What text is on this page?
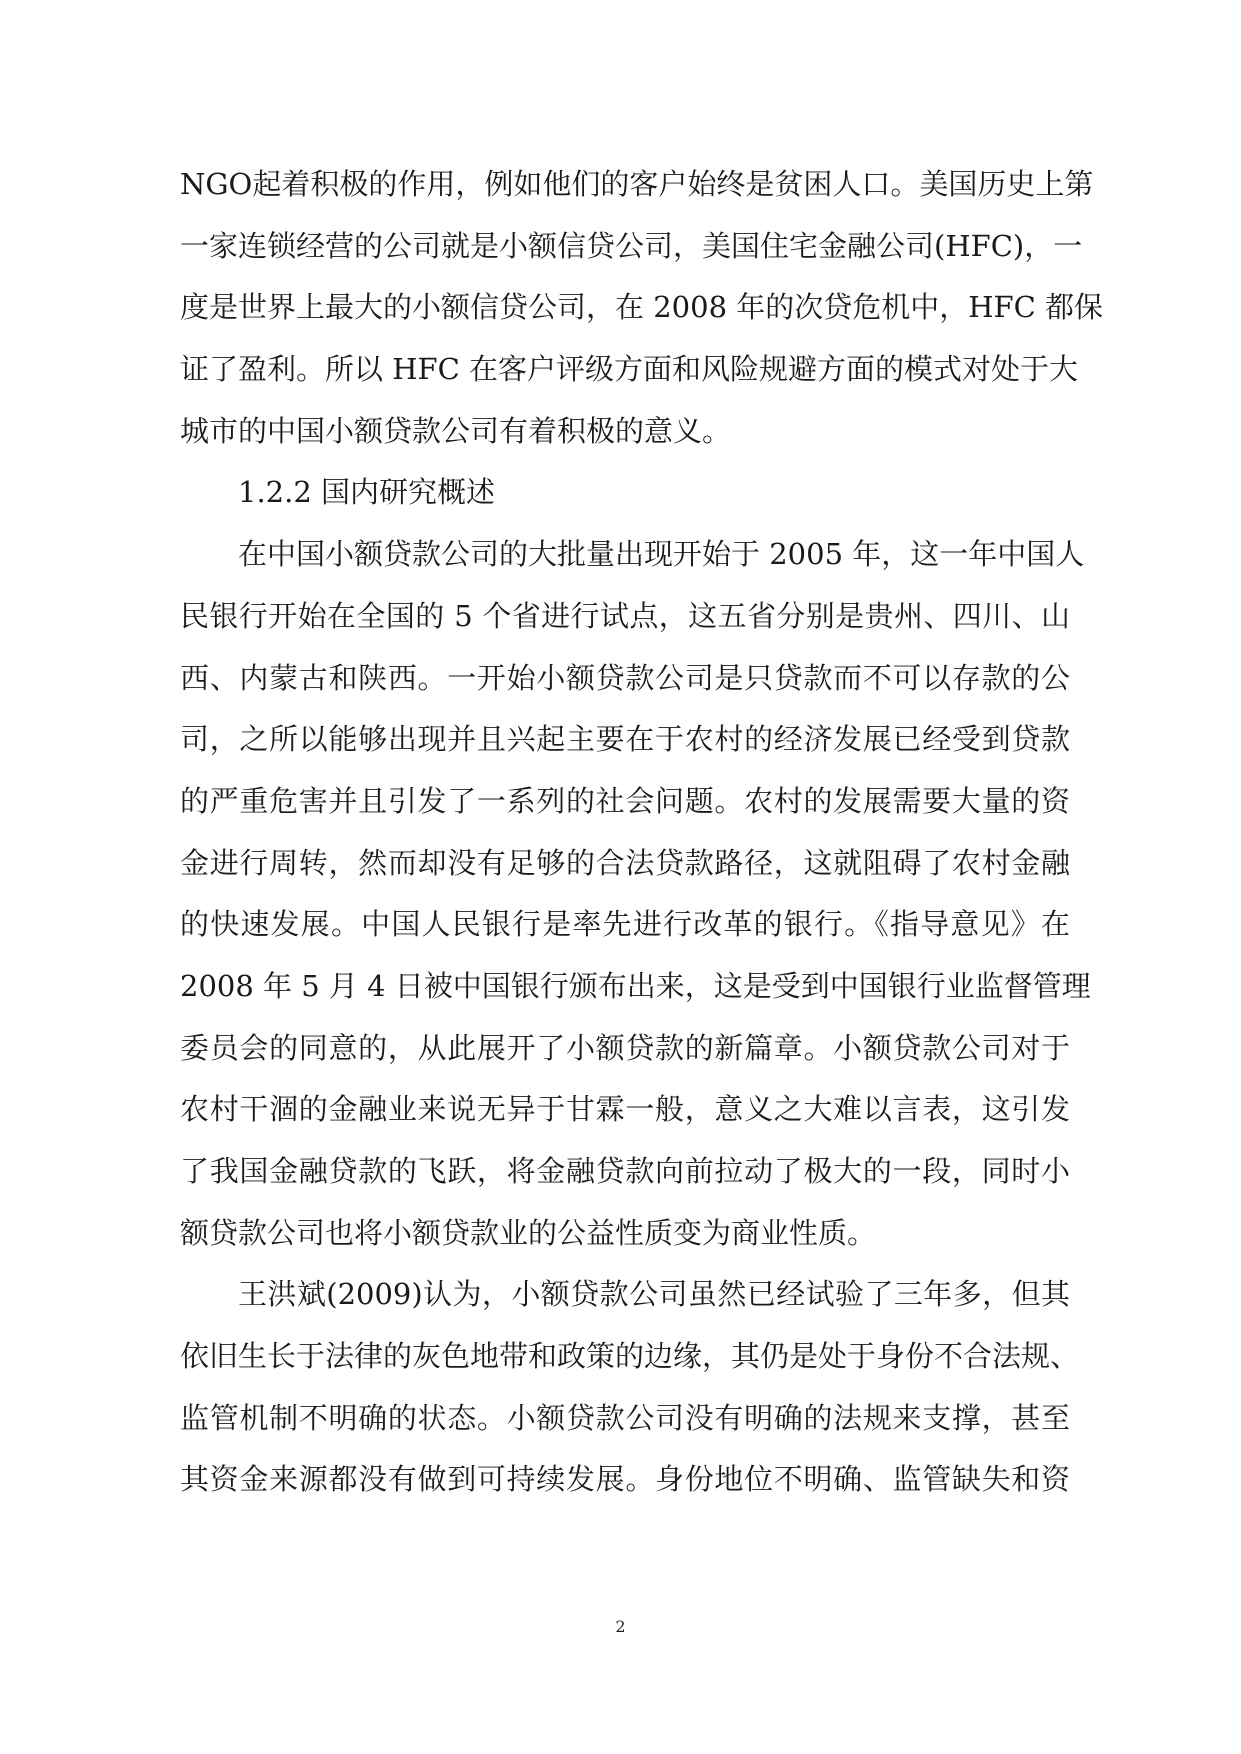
NGO起着积极的作用，例如他们的客户始终是贫困人口。美国历史上第
一家连锁经营的公司就是小额信贷公司，美国住宅金融公司(HFC)，一
度是世界上最大的小额信贷公司，在 2008 年的次贷危机中，HFC 都保
证了盈利。所以 HFC 在客户评级方面和风险规避方面的模式对处于大
城市的中国小额贷款公司有着积极的意义。
1.2.2 国内研究概述
在中国小额贷款公司的大批量出现开始于 2005 年，这一年中国人
民银行开始在全国的 5 个省进行试点，这五省分别是贵州、四川、山
西、内蒙古和陕西。一开始小额贷款公司是只贷款而不可以存款的公
司，之所以能够出现并且兴起主要在于农村的经济发展已经受到贷款
的严重危害并且引发了一系列的社会问题。农村的发展需要大量的资
金进行周转，然而却没有足够的合法贷款路径，这就阻碍了农村金融
的快速发展。中国人民银行是率先进行改革的银行。《指导意见》在
2008 年 5 月 4 日被中国银行颁布出来，这是受到中国银行业监督管理
委员会的同意的，从此展开了小额贷款的新篇章。小额贷款公司对于
农村干涸的金融业来说无异于甘霖一般，意义之大难以言表，这引发
了我国金融贷款的飞跃，将金融贷款向前拉动了极大的一段，同时小
额贷款公司也将小额贷款业的公益性质变为商业性质。
王洪斌(2009)认为，小额贷款公司虽然已经试验了三年多，但其
依旧生长于法律的灰色地带和政策的边缘，其仍是处于身份不合法规、
监管机制不明确的状态。小额贷款公司没有明确的法规来支撑，甚至
其资金来源都没有做到可持续发展。身份地位不明确、监管缺失和资
2
